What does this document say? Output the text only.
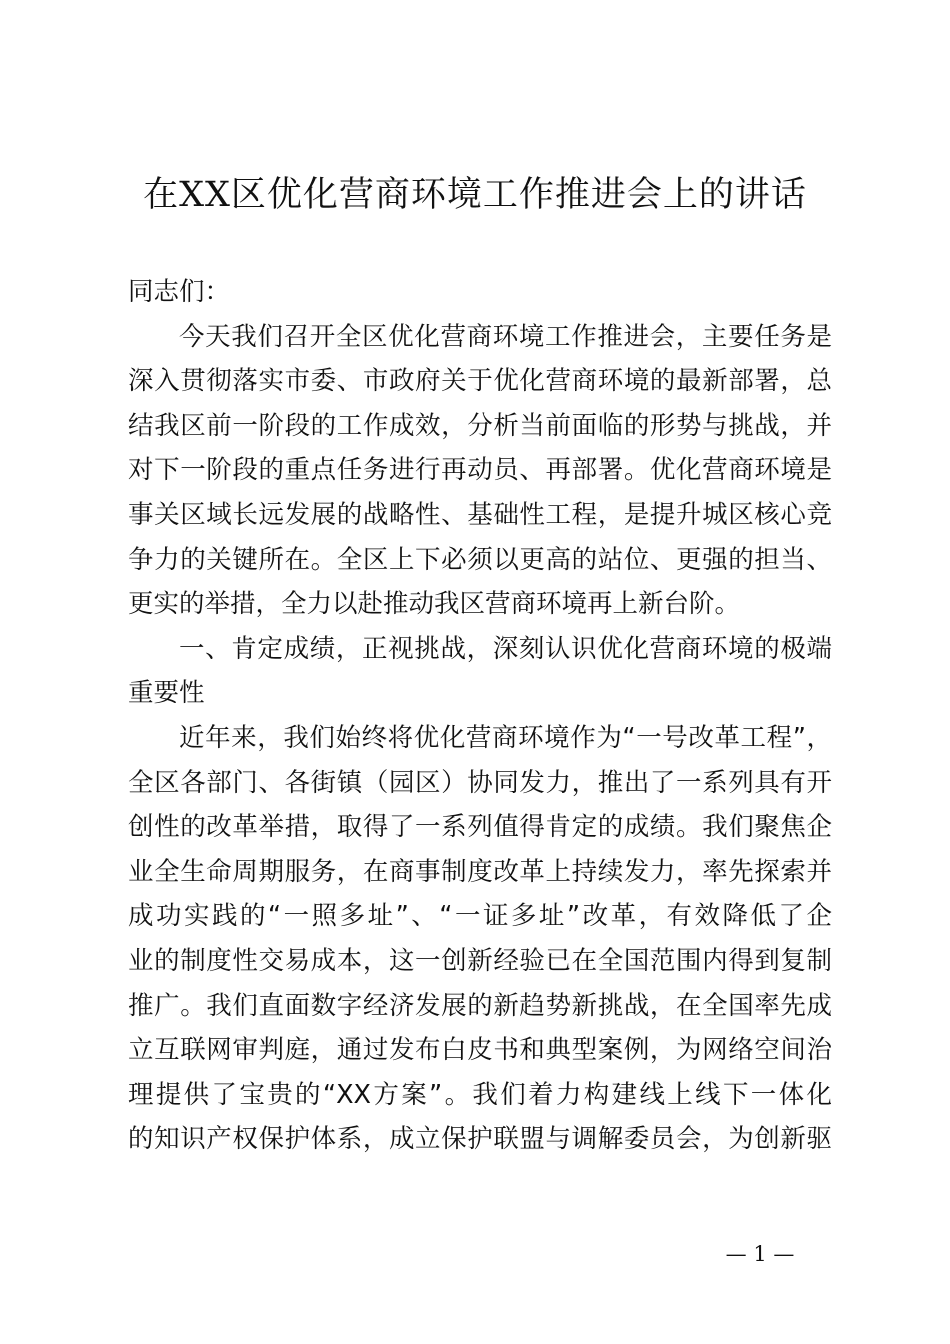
在XX区优化营商环境工作推进会上的讲话
同志们：
今天我们召开全区优化营商环境工作推进会，主要任务是
深入贯彻落实市委、市政府关于优化营商环境的最新部署，总
结我区前一阶段的工作成效，分析当前面临的形势与挑战，并
对下一阶段的重点任务进行再动员、再部署。优化营商环境是
事关区域长远发展的战略性、基础性工程，是提升城区核心竞
争力的关键所在。全区上下必须以更高的站位、更强的担当、
更实的举措，全力以赴推动我区营商环境再上新台阶。
一、肯定成绩，正视挑战，深刻认识优化营商环境的极端
重要性
近年来，我们始终将优化营商环境作为“一号改革工程”，
全区各部门、各街镇（园区）协同发力，推出了一系列具有开
创性的改革举措，取得了一系列值得肯定的成绩。我们聚焦企
业全生命周期服务，在商事制度改革上持续发力，率先探索并
成功实践的“一照多址”、“一证多址”改革，有效降低了企
业的制度性交易成本，这一创新经验已在全国范围内得到复制
推广。我们直面数字经济发展的新趋势新挑战，在全国率先成
立互联网审判庭，通过发布白皮书和典型案例，为网络空间治
理提供了宝贵的“XX方案”。我们着力构建线上线下一体化
的知识产权保护体系，成立保护联盟与调解委员会，为创新驱
— 1 —
